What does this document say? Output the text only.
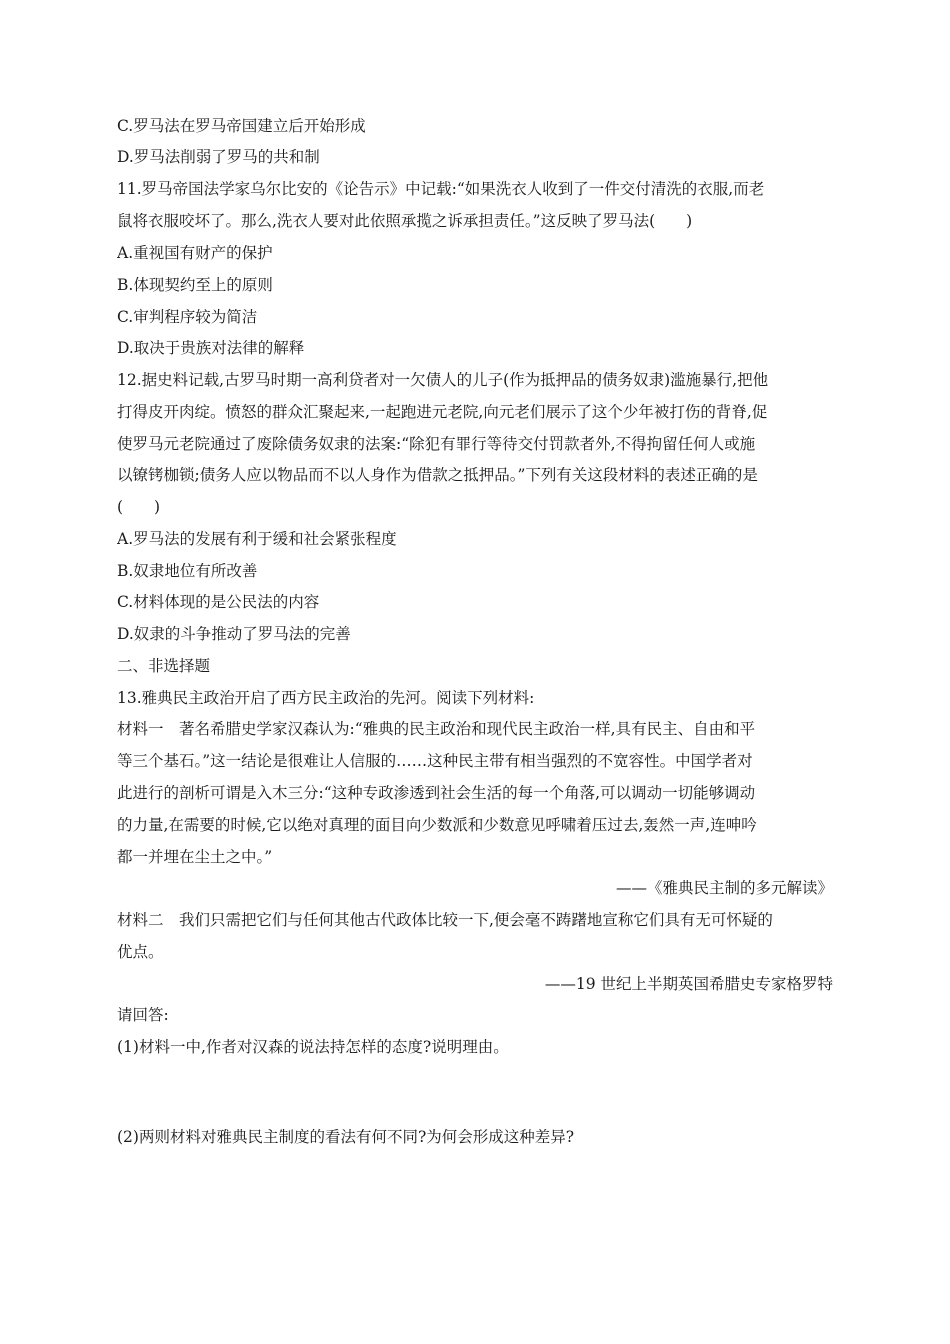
C.罗马法在罗马帝国建立后开始形成
D.罗马法削弱了罗马的共和制
11.罗马帝国法学家乌尔比安的《论告示》中记载:“如果洗衣人收到了一件交付清洗的衣服,而老
鼠将衣服咬坏了。那么,洗衣人要对此依照承揽之诉承担责任。”这反映了罗马法(　　)
A.重视国有财产的保护
B.体现契约至上的原则
C.审判程序较为简洁
D.取决于贵族对法律的解释
12.据史料记载,古罗马时期一高利贷者对一欠债人的儿子(作为抵押品的债务奴隶)滥施暴行,把他
打得皮开肉绽。愤怒的群众汇聚起来,一起跑进元老院,向元老们展示了这个少年被打伤的背脊,促
使罗马元老院通过了废除债务奴隶的法案:“除犯有罪行等待交付罚款者外,不得拘留任何人或施
以镣铐枷锁;债务人应以物品而不以人身作为借款之抵押品。”下列有关这段材料的表述正确的是
(　　)
A.罗马法的发展有利于缓和社会紧张程度
B.奴隶地位有所改善
C.材料体现的是公民法的内容
D.奴隶的斗争推动了罗马法的完善
二、非选择题
13.雅典民主政治开启了西方民主政治的先河。阅读下列材料:
材料一　著名希腊史学家汉森认为:“雅典的民主政治和现代民主政治一样,具有民主、自由和平
等三个基石。”这一结论是很难让人信服的……这种民主带有相当强烈的不宽容性。中国学者对
此进行的剖析可谓是入木三分:“这种专政渗透到社会生活的每一个角落,可以调动一切能够调动
的力量,在需要的时候,它以绝对真理的面目向少数派和少数意见呼啸着压过去,轰然一声,连呻吟
都一并埋在尘土之中。”
——《雅典民主制的多元解读》
材料二　我们只需把它们与任何其他古代政体比较一下,便会毫不踌躇地宣称它们具有无可怀疑的
优点。
——19 世纪上半期英国希腊史专家格罗特
请回答:
(1)材料一中,作者对汉森的说法持怎样的态度?说明理由。
(2)两则材料对雅典民主制度的看法有何不同?为何会形成这种差异?
